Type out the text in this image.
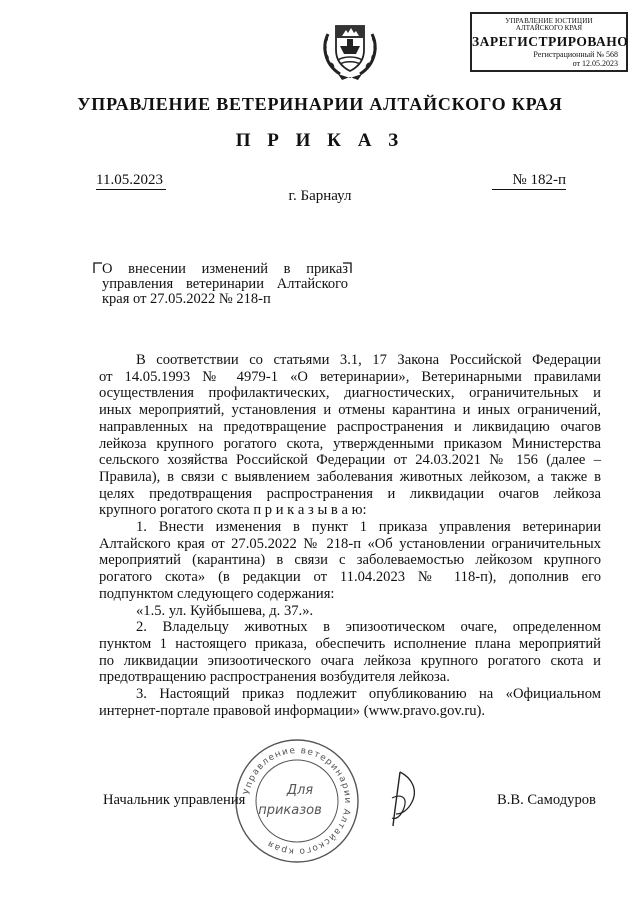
УПРАВЛЕНИЕ ЮСТИЦИИ
АЛТАЙСКОГО КРАЯ
ЗАРЕГИСТРИРОВАНО
Регистрационный № 568
от 12.05.2023
УПРАВЛЕНИЕ ВЕТЕРИНАРИИ АЛТАЙСКОГО КРАЯ
П Р И К А З
11.05.2023	№ 182-п
г. Барнаул
О внесении изменений в приказ
управления ветеринарии Алтайского
края от 27.05.2022 № 218-п
В соответствии со статьями 3.1, 17 Закона Российской Федерации
от 14.05.1993 № 4979-1 «О ветеринарии», Ветеринарными правилами
осуществления профилактических, диагностических, ограничительных и
иных мероприятий, установления и отмены карантина и иных ограничений,
направленных на предотвращение распространения и ликвидацию очагов
лейкоза крупного рогатого скота, утвержденными приказом Министерства
сельского хозяйства Российской Федерации от 24.03.2021 № 156 (далее –
Правила), в связи с выявлением заболевания животных лейкозом, а также в
целях предотвращения распространения и ликвидации очагов лейкоза
крупного рогатого скота п р и к а з ы в а ю:
1. Внести изменения в пункт 1 приказа управления ветеринарии
Алтайского края от 27.05.2022 № 218-п «Об установлении ограничительных
мероприятий (карантина) в связи с заболеваемостью лейкозом крупного
рогатого скота» (в редакции от 11.04.2023 № 118-п), дополнив его
подпунктом следующего содержания:
«1.5. ул. Куйбышева, д. 37.».
2. Владельцу животных в эпизоотическом очаге, определенном
пунктом 1 настоящего приказа, обеспечить исполнение плана мероприятий
по ликвидации эпизоотического очага лейкоза крупного рогатого скота и
предотвращению распространения возбудителя лейкоза.
3. Настоящий приказ подлежит опубликованию на «Официальном
интернет-портале правовой информации» (www.pravo.gov.ru).
Управление ветеринарии Алтайского края
Для
приказов
Начальник управления	В.В. Самодуров
